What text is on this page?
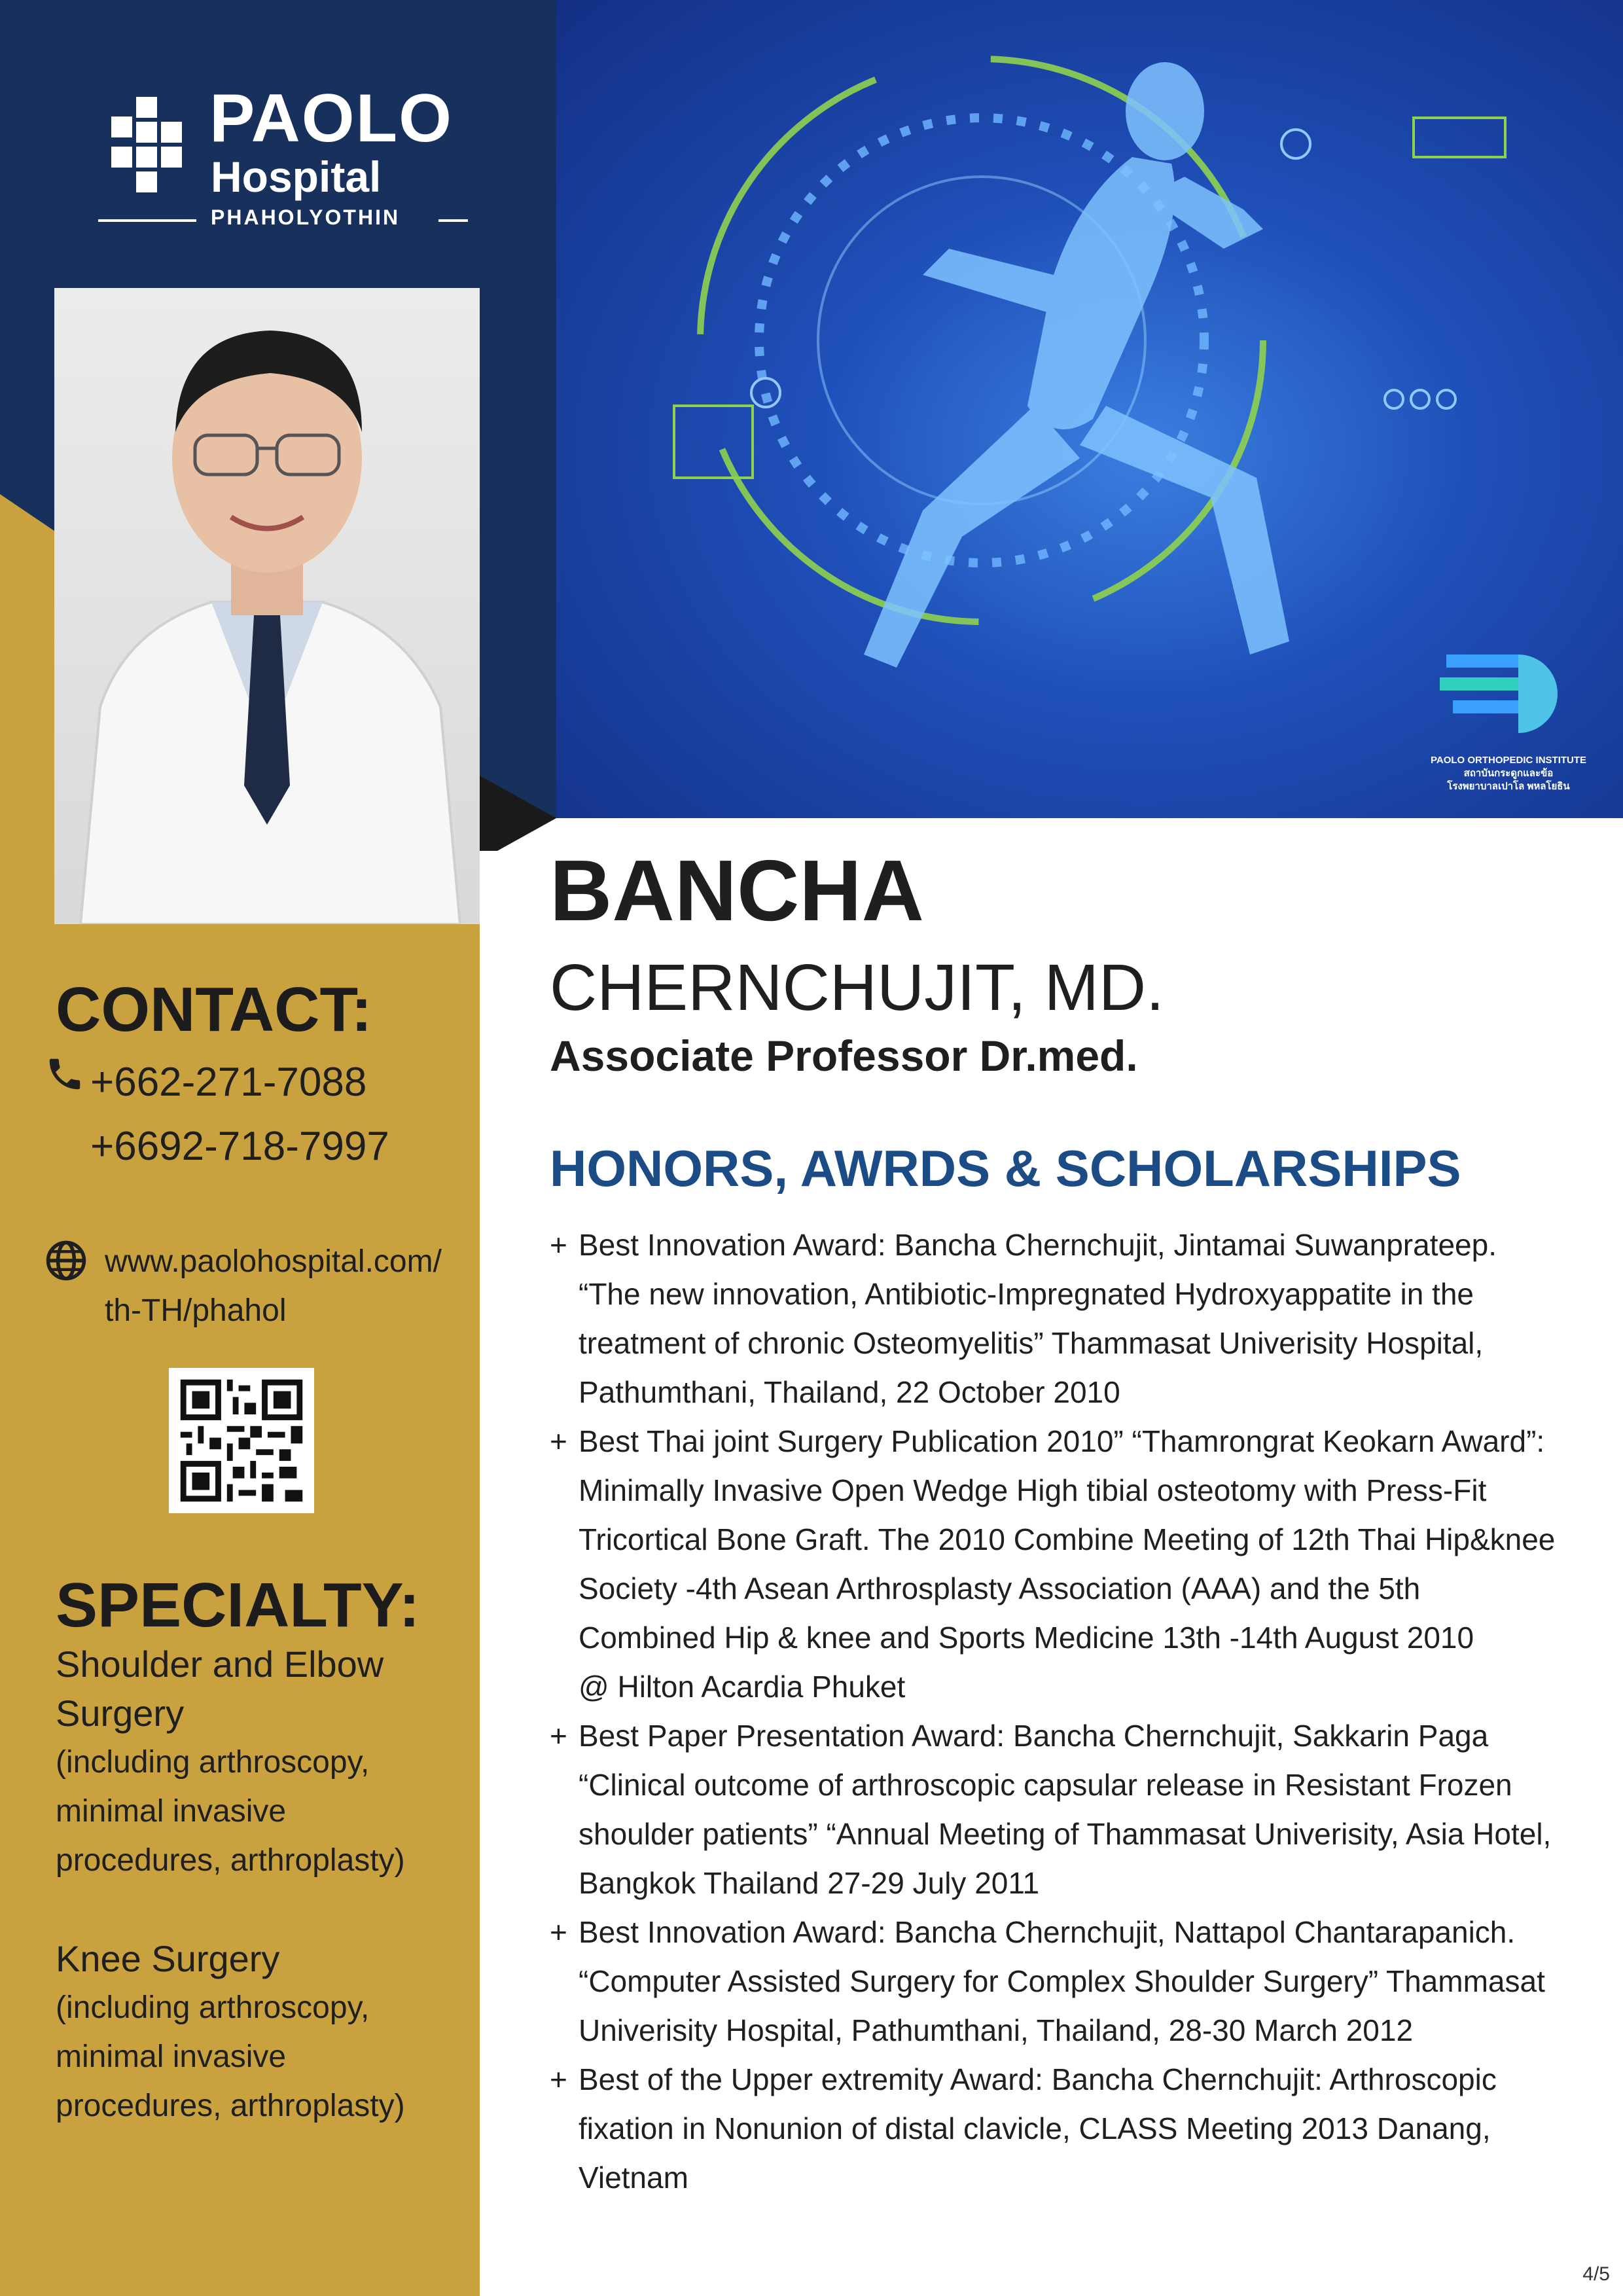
PAOLO
Hospital
PHAHOLYOTHIN
PAOLO ORTHOPEDIC INSTITUTE
สถาบันกระดูกและข้อ
โรงพยาบาลเปาโล พหลโยธิน
CONTACT:
+662-271-7088
+6692-718-7997
www.paolohospital.com/
th-TH/phahol
SPECIALTY:
Shoulder and Elbow
Surgery
(including arthroscopy,
minimal invasive
procedures, arthroplasty)
Knee Surgery
(including arthroscopy,
minimal invasive
procedures, arthroplasty)
BANCHA
CHERNCHUJIT, MD.
Associate Professor Dr.med.
HONORS, AWRDS & SCHOLARSHIPS
+ Best Innovation Award: Bancha Chernchujit, Jintamai Suwanprateep.
“The new innovation, Antibiotic-Impregnated Hydroxyappatite in the
treatment of chronic Osteomyelitis” Thammasat Univerisity Hospital,
Pathumthani, Thailand, 22 October 2010
+ Best Thai joint Surgery Publication 2010” “Thamrongrat Keokarn Award”:
Minimally Invasive Open Wedge High tibial osteotomy with Press-Fit
Tricortical Bone Graft. The 2010 Combine Meeting of 12th Thai Hip&knee
Society -4th Asean Arthrosplasty Association (AAA) and the 5th
Combined Hip & knee and Sports Medicine 13th -14th August 2010
@ Hilton Acardia Phuket
+ Best Paper Presentation Award: Bancha Chernchujit, Sakkarin Paga
“Clinical outcome of arthroscopic capsular release in Resistant Frozen
shoulder patients” “Annual Meeting of Thammasat Univerisity, Asia Hotel,
Bangkok Thailand 27-29 July 2011
+ Best Innovation Award: Bancha Chernchujit, Nattapol Chantarapanich.
“Computer Assisted Surgery for Complex Shoulder Surgery” Thammasat
Univerisity Hospital, Pathumthani, Thailand, 28-30 March 2012
+ Best of the Upper extremity Award: Bancha Chernchujit: Arthroscopic
fixation in Nonunion of distal clavicle, CLASS Meeting 2013 Danang,
Vietnam
4/5
